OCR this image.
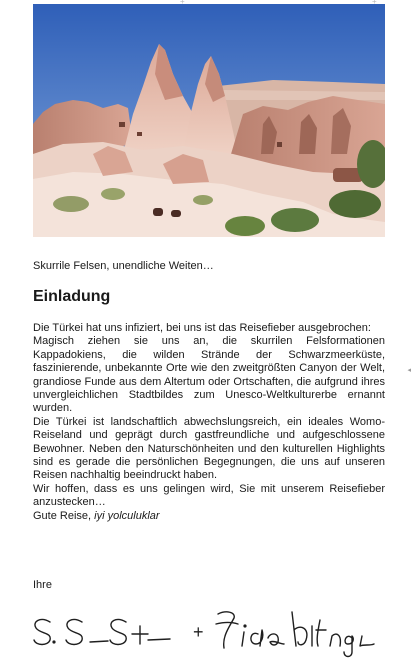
Skurrile Felsen, unendliche Weiten…
Einladung

Die Türkei hat uns infiziert, bei uns ist das Reisefieber ausgebrochen:

Magisch ziehen sie uns an, die skurrilen Felsformationen Kappadokiens, die wilden Strände der Schwarzmeerküste, faszinierende, unbekannte Orte wie den zweitgrößten Canyon der Welt, grandiose Funde aus dem Altertum oder Ortschaften, die aufgrund ihres unvergleichlichen Stadtbildes zum Unesco-Weltkulturerbe ernannt wurden.

Die Türkei ist landschaftlich abwechslungsreich, ein ideales Womo-Reiseland und geprägt durch gastfreundliche und aufgeschlossene Bewohner. Neben den Naturschönheiten und den kulturellen Highlights sind es gerade die persönlichen Begegnungen, die uns auf unseren Reisen nachhaltig beeindruckt haben.

Wir hoffen, dass es uns gelingen wird, Sie mit unserem Reisefieber anzustecken…

Gute Reise, iyi yolculuklar

Ihre
+
◂
+	+
